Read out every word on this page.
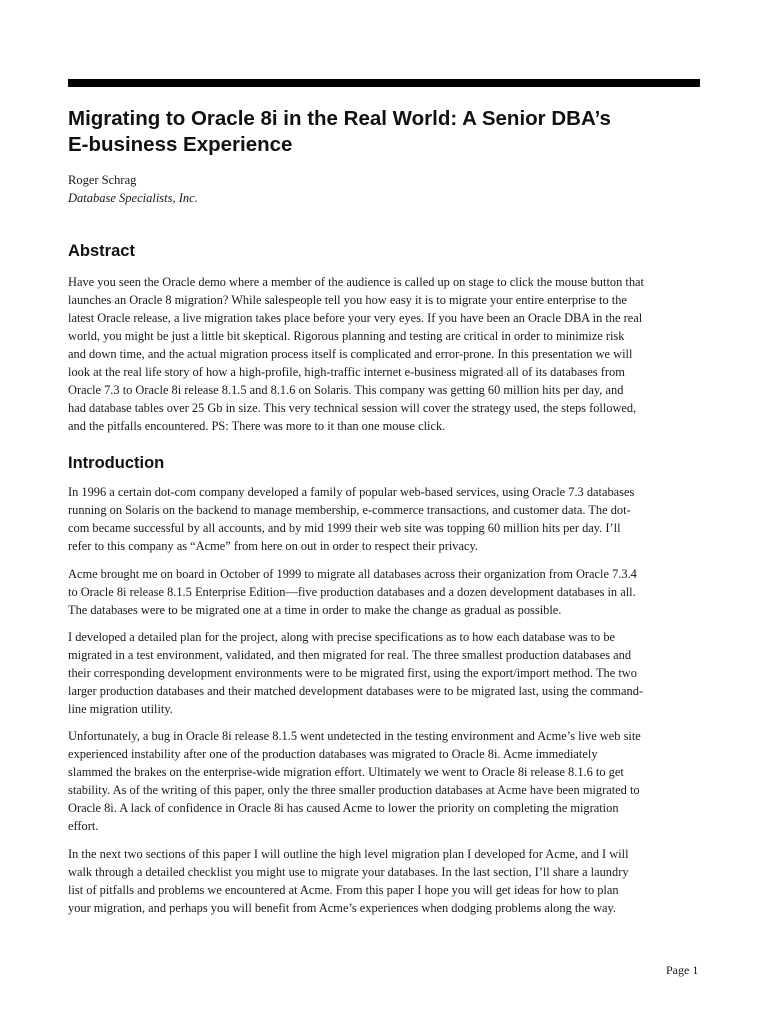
Migrating to Oracle 8i in the Real World: A Senior DBA’s
E-business Experience
Roger Schrag
Database Specialists, Inc.
Abstract

Have you seen the Oracle demo where a member of the audience is called up on stage to click the mouse button that
launches an Oracle 8 migration? While salespeople tell you how easy it is to migrate your entire enterprise to the
latest Oracle release, a live migration takes place before your very eyes. If you have been an Oracle DBA in the real
world, you might be just a little bit skeptical. Rigorous planning and testing are critical in order to minimize risk
and down time, and the actual migration process itself is complicated and error-prone. In this presentation we will
look at the real life story of how a high-profile, high-traffic internet e-business migrated all of its databases from
Oracle 7.3 to Oracle 8i release 8.1.5 and 8.1.6 on Solaris. This company was getting 60 million hits per day, and
had database tables over 25 Gb in size. This very technical session will cover the strategy used, the steps followed,
and the pitfalls encountered. PS: There was more to it than one mouse click.

Introduction

In 1996 a certain dot-com company developed a family of popular web-based services, using Oracle 7.3 databases
running on Solaris on the backend to manage membership, e-commerce transactions, and customer data. The dot-
com became successful by all accounts, and by mid 1999 their web site was topping 60 million hits per day. I’ll
refer to this company as “Acme” from here on out in order to respect their privacy.

Acme brought me on board in October of 1999 to migrate all databases across their organization from Oracle 7.3.4
to Oracle 8i release 8.1.5 Enterprise Edition—five production databases and a dozen development databases in all.
The databases were to be migrated one at a time in order to make the change as gradual as possible.

I developed a detailed plan for the project, along with precise specifications as to how each database was to be
migrated in a test environment, validated, and then migrated for real. The three smallest production databases and
their corresponding development environments were to be migrated first, using the export/import method. The two
larger production databases and their matched development databases were to be migrated last, using the command-
line migration utility.

Unfortunately, a bug in Oracle 8i release 8.1.5 went undetected in the testing environment and Acme’s live web site
experienced instability after one of the production databases was migrated to Oracle 8i. Acme immediately
slammed the brakes on the enterprise-wide migration effort. Ultimately we went to Oracle 8i release 8.1.6 to get
stability. As of the writing of this paper, only the three smaller production databases at Acme have been migrated to
Oracle 8i. A lack of confidence in Oracle 8i has caused Acme to lower the priority on completing the migration
effort.

In the next two sections of this paper I will outline the high level migration plan I developed for Acme, and I will
walk through a detailed checklist you might use to migrate your databases. In the last section, I’ll share a laundry
list of pitfalls and problems we encountered at Acme. From this paper I hope you will get ideas for how to plan
your migration, and perhaps you will benefit from Acme’s experiences when dodging problems along the way.

Page 1
